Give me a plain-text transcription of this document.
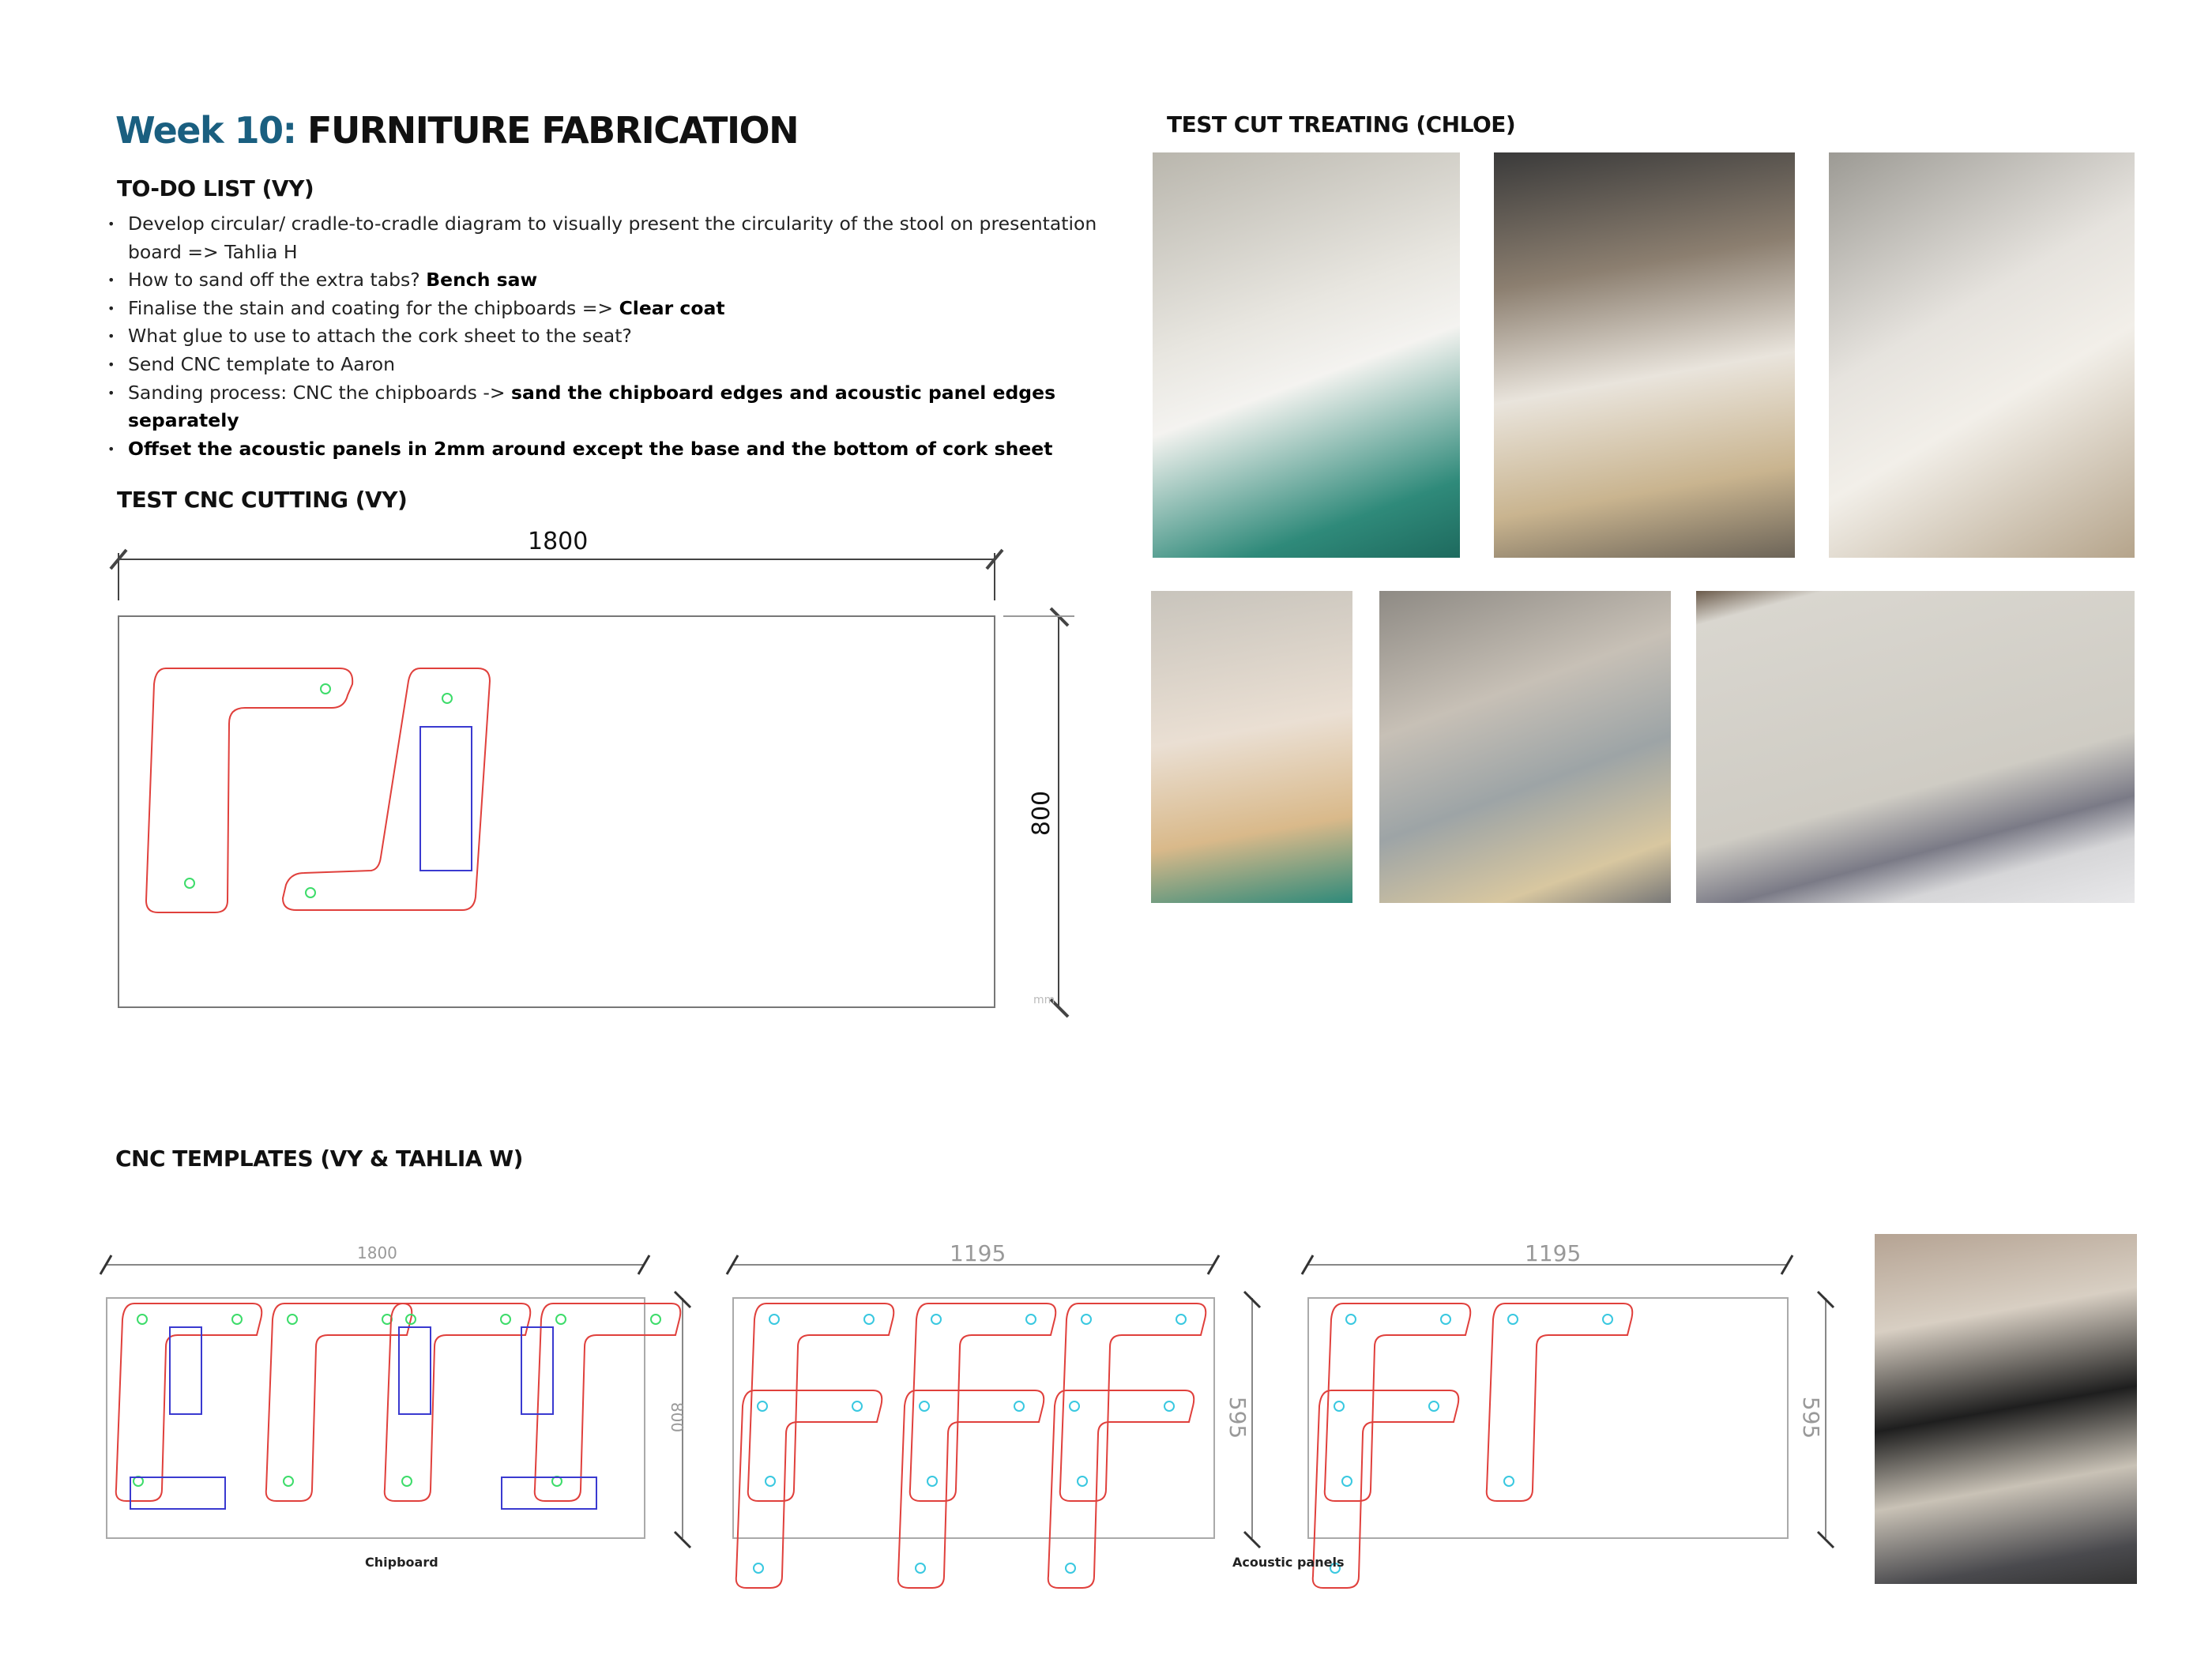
Week 10: FURNITURE FABRICATION
TO-DO LIST (VY)
• Develop circular/ cradle-to-cradle diagram to visually present the circularity of the stool on presentation board => Tahlia H
• How to sand off the extra tabs? Bench saw
• Finalise the stain and coating for the chipboards => Clear coat
• What glue to use to attach the cork sheet to the seat?
• Send CNC template to Aaron
• Sanding process: CNC the chipboards -> sand the chipboard edges and acoustic panel edges separately
• Offset the acoustic panels in 2mm around except the base and the bottom of cork sheet
TEST CNC CUTTING (VY)
TEST CUT TREATING (CHLOE)
CNC TEMPLATES (VY & TAHLIA W)
1800
800
mm
1800
800
1195
595
1195
595
Chipboard	Acoustic panels
